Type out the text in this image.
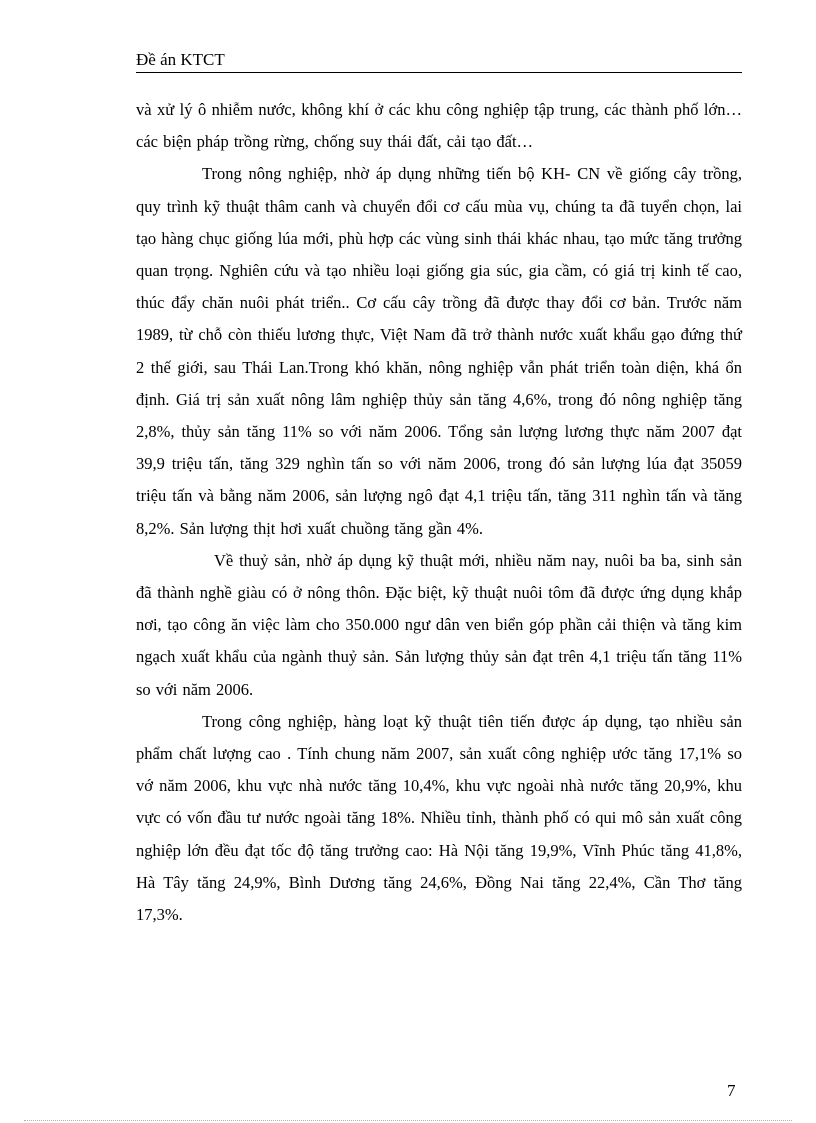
Đề án KTCT

và xử lý ô nhiễm nước, không khí ở các khu công nghiệp tập trung, các thành phố lớn… các biện pháp trồng rừng, chống suy thái đất, cải tạo đất…

Trong nông nghiệp, nhờ áp dụng những tiến bộ KH- CN về giống cây trồng, quy trình kỹ thuật thâm canh và chuyển đổi cơ cấu mùa vụ, chúng ta đã tuyển chọn, lai tạo hàng chục giống lúa mới, phù hợp các vùng sinh thái khác nhau, tạo mức tăng trưởng quan trọng. Nghiên cứu và tạo nhiều loại giống gia súc, gia cầm, có giá trị kinh tế cao, thúc đẩy chăn nuôi phát triển.. Cơ cấu cây trồng đã được thay đổi cơ bản. Trước năm 1989, từ chỗ còn thiếu lương thực, Việt Nam đã trở thành nước xuất khẩu gạo đứng thứ 2 thế giới, sau Thái Lan.Trong khó khăn, nông nghiệp vẫn phát triển toàn diện, khá ổn định. Giá trị sản xuất nông lâm nghiệp thủy sản tăng 4,6%, trong đó nông nghiệp tăng 2,8%, thủy sản tăng 11% so với năm 2006. Tổng sản lượng lương thực năm 2007 đạt 39,9 triệu tấn, tăng 329 nghìn tấn so với năm 2006, trong đó sản lượng lúa đạt 35059 triệu tấn và bằng năm 2006, sản lượng ngô đạt 4,1 triệu tấn, tăng 311 nghìn tấn và tăng 8,2%. Sản lượng thịt hơi xuất chuồng tăng gần 4%.

Về thuỷ sản, nhờ áp dụng kỹ thuật mới, nhiều năm nay, nuôi ba ba, sinh sản đã thành nghề giàu có ở nông thôn. Đặc biệt, kỹ thuật nuôi tôm đã được ứng dụng khắp nơi, tạo công ăn việc làm cho 350.000 ngư dân ven biển góp phần cải thiện và tăng kim ngạch xuất khẩu của ngành thuỷ sản. Sản lượng thủy sản đạt trên 4,1 triệu tấn tăng 11% so với năm 2006.

Trong công nghiệp, hàng loạt kỹ thuật tiên tiến được áp dụng, tạo nhiều sản phẩm chất lượng cao . Tính chung năm 2007, sản xuất công nghiệp ước tăng 17,1% so vớ năm 2006, khu vực nhà nước tăng 10,4%, khu vực ngoài nhà nước tăng 20,9%, khu vực có vốn đầu tư nước ngoài tăng 18%. Nhiều tỉnh, thành phố có qui mô sản xuất công nghiệp lớn đều đạt tốc độ tăng trưởng cao: Hà Nội tăng 19,9%, Vĩnh Phúc tăng 41,8%, Hà Tây tăng 24,9%, Bình Dương tăng 24,6%, Đồng Nai tăng 22,4%, Cần Thơ tăng 17,3%.

7
